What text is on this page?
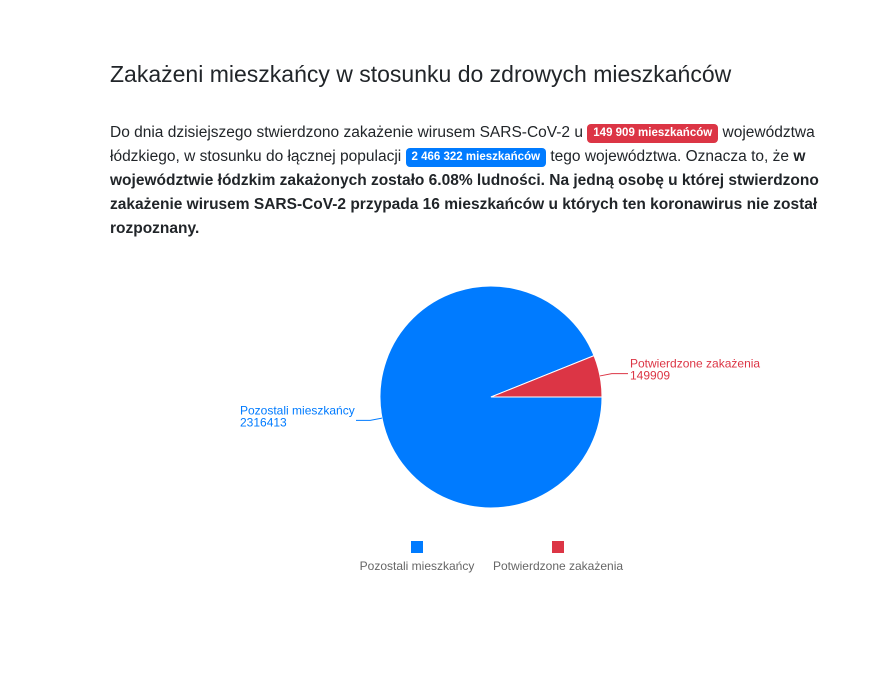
Zakażeni mieszkańcy w stosunku do zdrowych mieszkańców

Do dnia dzisiejszego stwierdzono zakażenie wirusem SARS-CoV-2 u 149 909 mieszkańców województwa łódzkiego, w stosunku do łącznej populacji 2 466 322 mieszkańców tego województwa. Oznacza to, że w województwie łódzkim zakażonych zostało 6.08% ludności. Na jedną osobę u której stwierdzono zakażenie wirusem SARS-CoV-2 przypada 16 mieszkańców u których ten koronawirus nie został rozpoznany.

Pozostali mieszkańcy
2316413
Potwierdzone zakażenia
149909
Pozostali mieszkańcy Potwierdzone zakażenia
